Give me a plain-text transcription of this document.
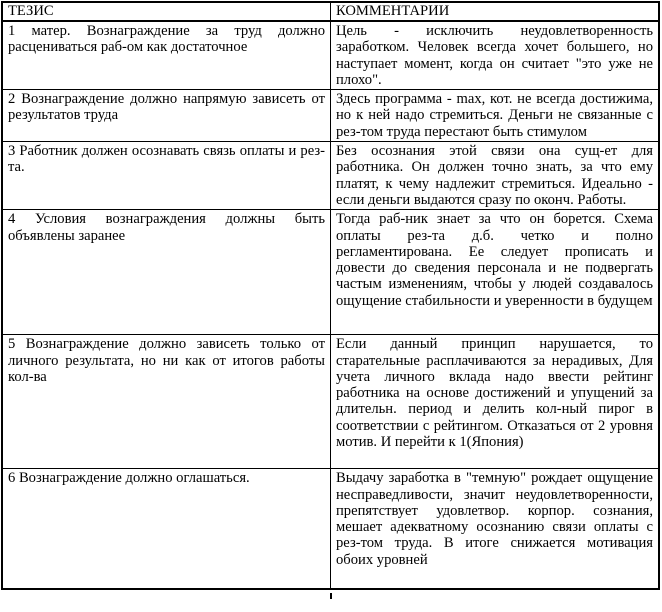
ТЕЗИС	КОММЕНТАРИИ
1 матер. Вознаграждение за труд должно расцениваться раб-ом как достаточное	Цель - исключить неудовлетворенность заработком. Человек всегда хочет большего, но наступает момент, когда он считает "это уже не плохо".
2 Вознаграждение должно напрямую зависеть от результатов труда	Здесь программа - max, кот. не всегда достижима, но к ней надо стремиться. Деньги не связанные с рез-том труда перестают быть стимулом
3 Работник должен осознавать связь оплаты и рез-та.	Без осознания этой связи она сущ-ет для работника. Он должен точно знать, за что ему платят, к чему надлежит стремиться. Идеально - если деньги выдаются сразу по оконч. Работы.
4 Условия вознаграждения должны быть объявлены заранее	Тогда раб-ник знает за что он борется. Схема оплаты рез-та д.б. четко и полно регламентирована. Ее следует прописать и довести до сведения персонала и не подвергать частым изменениям, чтобы у людей создавалось ощущение стабильности и уверенности в будущем
5 Вознаграждение должно зависеть только от личного результата, но ни как от итогов работы кол-ва	Если данный принцип нарушается, то старательные расплачиваются за нерадивых, Для учета личного вклада надо ввести рейтинг работника на основе достижений и упущений за длительн. период и делить кол-ный пирог в соответствии с рейтингом. Отказаться от 2 уровня мотив. И перейти к 1(Япония)
6 Вознаграждение должно оглашаться.	Выдачу заработка в "темную" рождает ощущение несправедливости, значит неудовлетворенности, препятствует удовлетвор. корпор. сознания, мешает адекватному осознанию связи оплаты с рез-том труда. В итоге снижается мотивация обоих уровней
